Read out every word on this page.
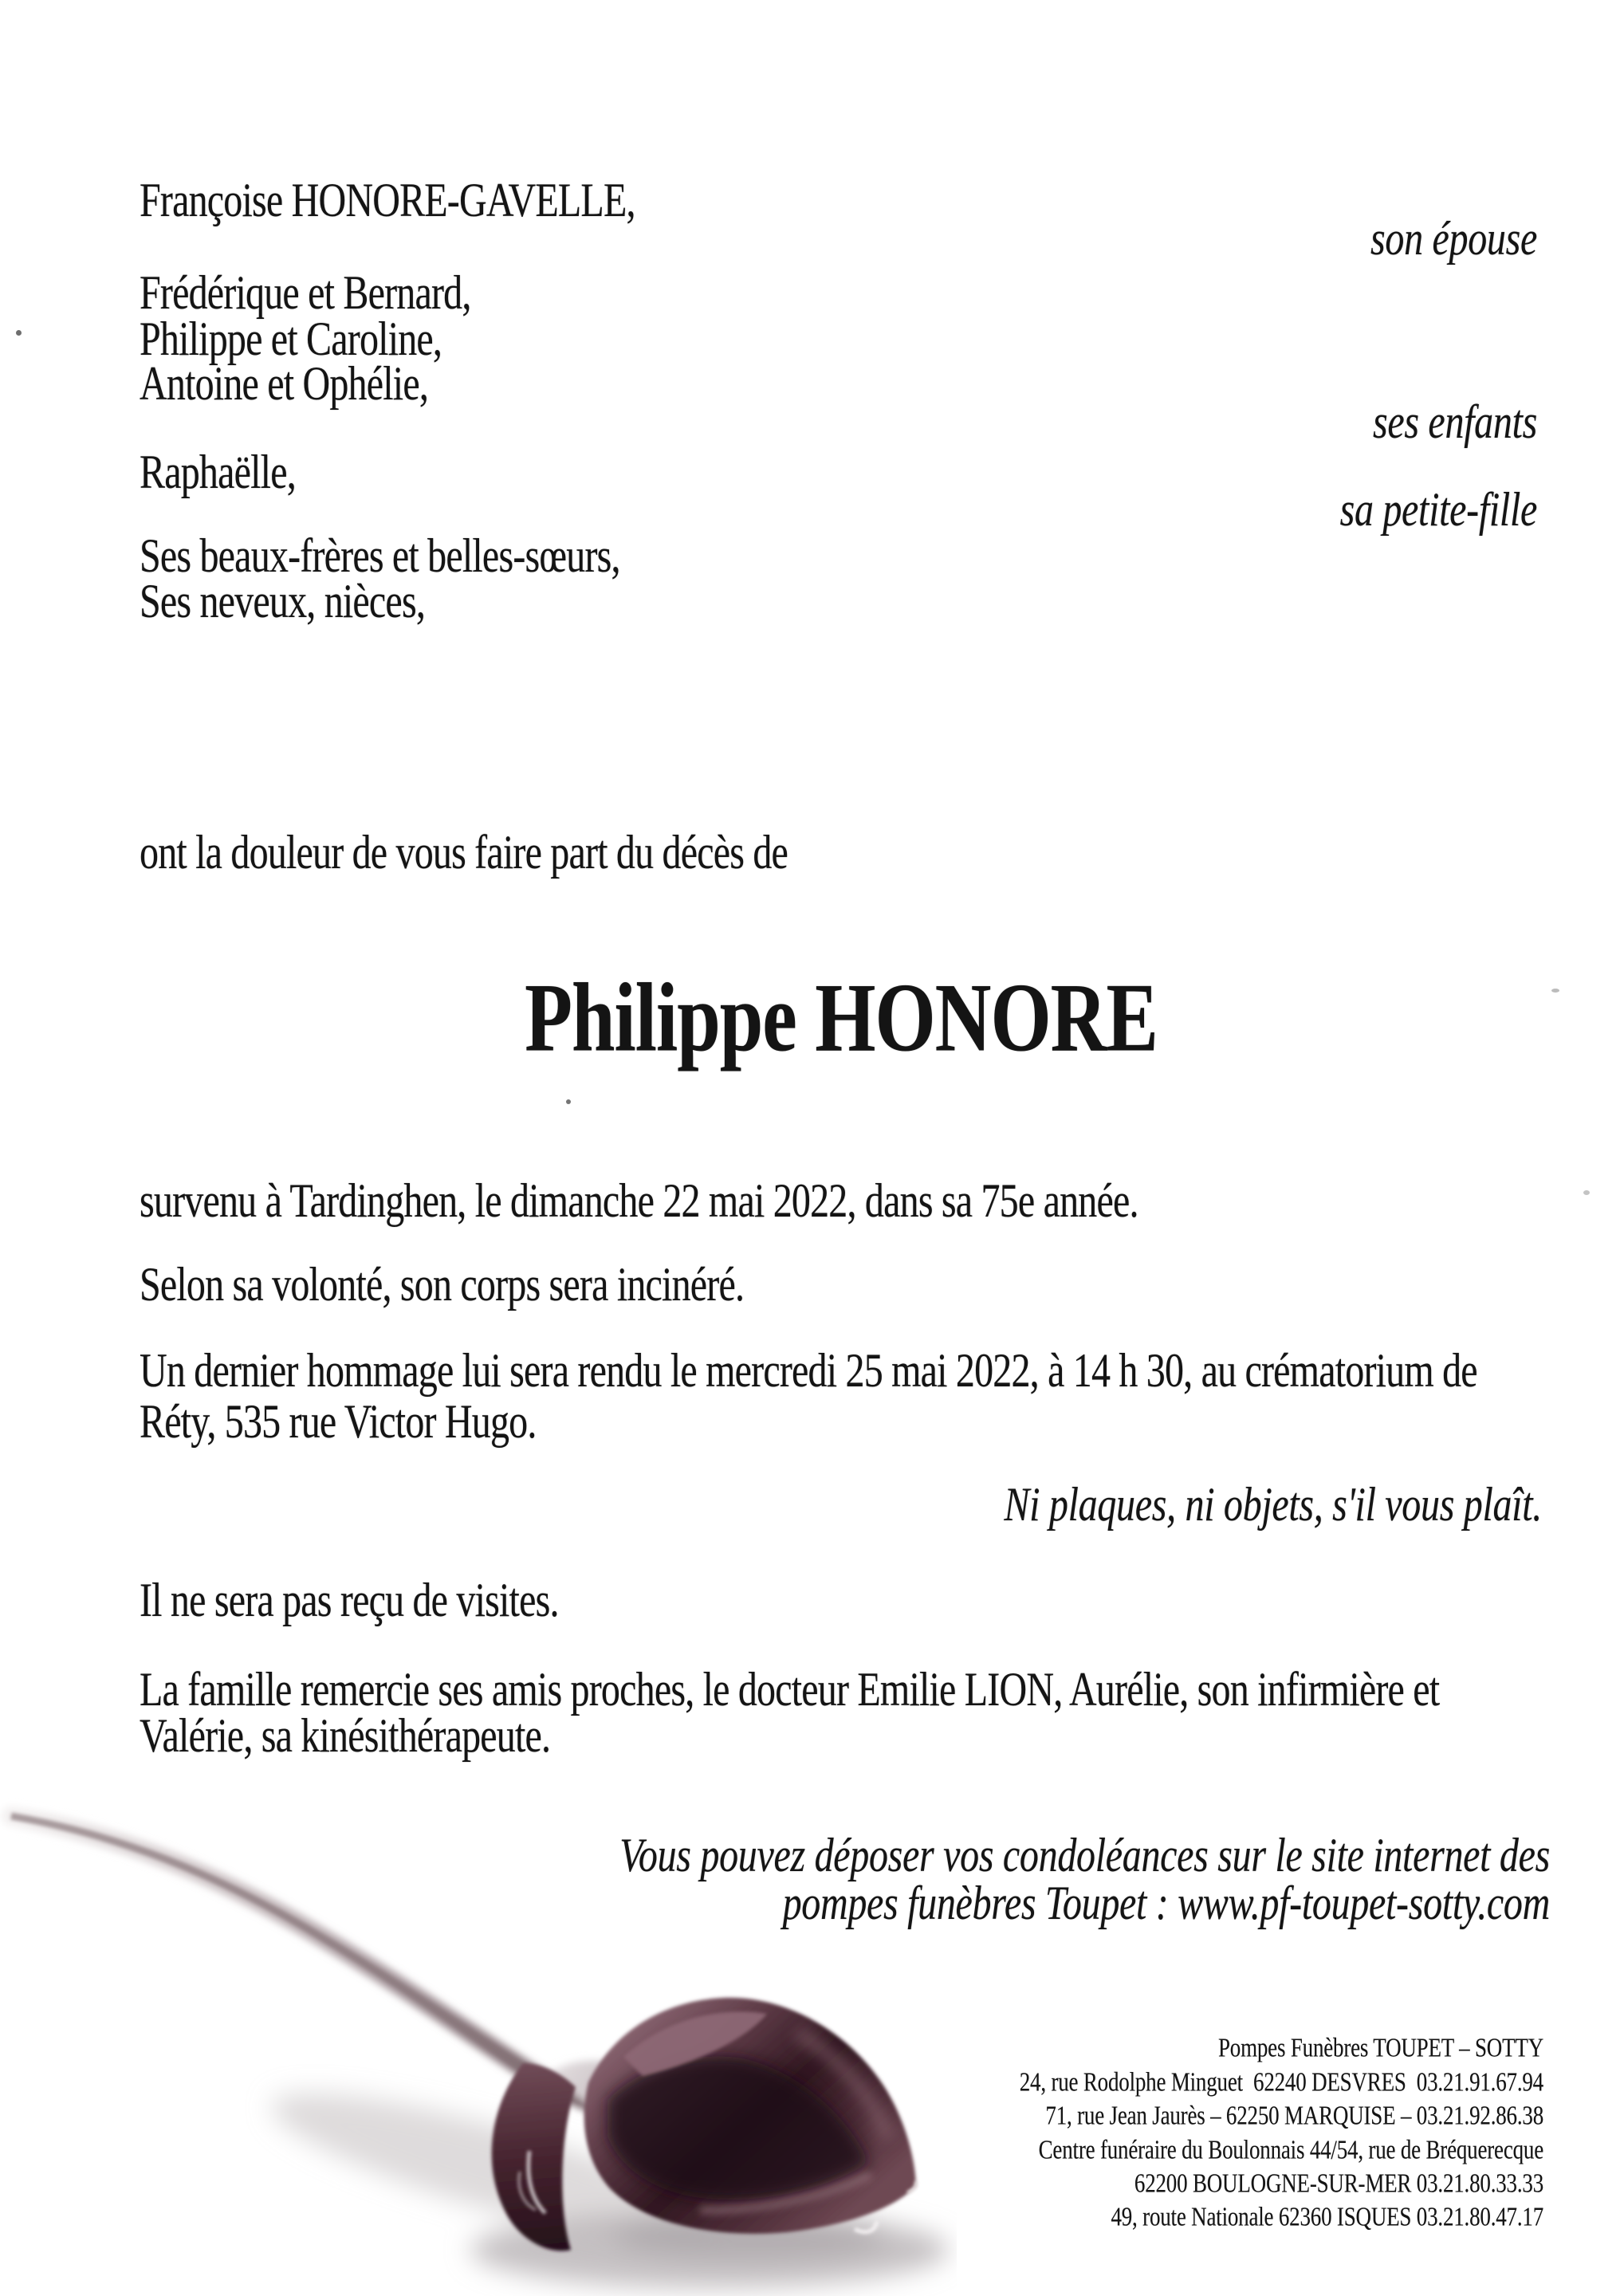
Françoise HONORE-GAVELLE,
Frédérique et Bernard,
Philippe et Caroline,
Antoine et Ophélie,
Raphaëlle,
Ses beaux-frères et belles-sœurs,
Ses neveux, nièces,
son épouse
ses enfants
sa petite-fille
ont la douleur de vous faire part du décès de
Philippe HONORE
survenu à Tardinghen, le dimanche 22 mai 2022, dans sa 75e année.
Selon sa volonté, son corps sera incinéré.
Un dernier hommage lui sera rendu le mercredi 25 mai 2022, à 14 h 30, au crématorium de
Réty, 535 rue Victor Hugo.
Ni plaques, ni objets, s'il vous plaît.
Il ne sera pas reçu de visites.
La famille remercie ses amis proches, le docteur Emilie LION, Aurélie, son infirmière et
Valérie, sa kinésithérapeute.
Vous pouvez déposer vos condoléances sur le site internet des
pompes funèbres Toupet : www.pf-toupet-sotty.com
Pompes Funèbres TOUPET – SOTTY
24, rue Rodolphe Minguet  62240 DESVRES  03.21.91.67.94
71, rue Jean Jaurès – 62250 MARQUISE – 03.21.92.86.38
Centre funéraire du Boulonnais 44/54, rue de Bréquerecque
62200 BOULOGNE-SUR-MER 03.21.80.33.33
49, route Nationale 62360 ISQUES 03.21.80.47.17
